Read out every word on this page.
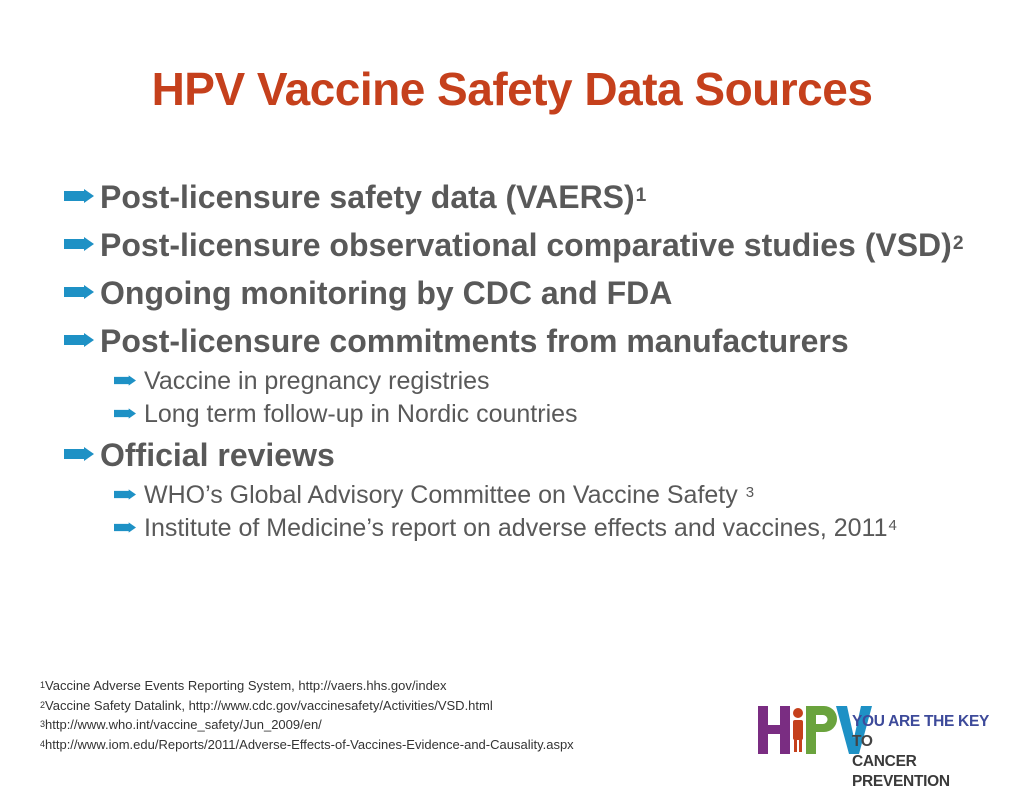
HPV Vaccine Safety Data Sources
Post-licensure safety data (VAERS)$^1$
Post-licensure observational comparative studies (VSD)$^2$
Ongoing monitoring by CDC and FDA
Post-licensure commitments from manufacturers
Vaccine in pregnancy registries
Long term follow-up in Nordic countries
Official reviews
WHO’s Global Advisory Committee on Vaccine Safety $^3$
Institute of Medicine’s report on adverse effects and vaccines, 2011$^4$
$^1$Vaccine Adverse Events Reporting System, http://vaers.hhs.gov/index
$^2$Vaccine Safety Datalink, http://www.cdc.gov/vaccinesafety/Activities/VSD.html
$^3$http://www.who.int/vaccine_safety/Jun_2009/en/
$^4$http://www.iom.edu/Reports/2011/Adverse-Effects-of-Vaccines-Evidence-and-Causality.aspx
YOU ARE THE KEY TO
CANCER PREVENTION
